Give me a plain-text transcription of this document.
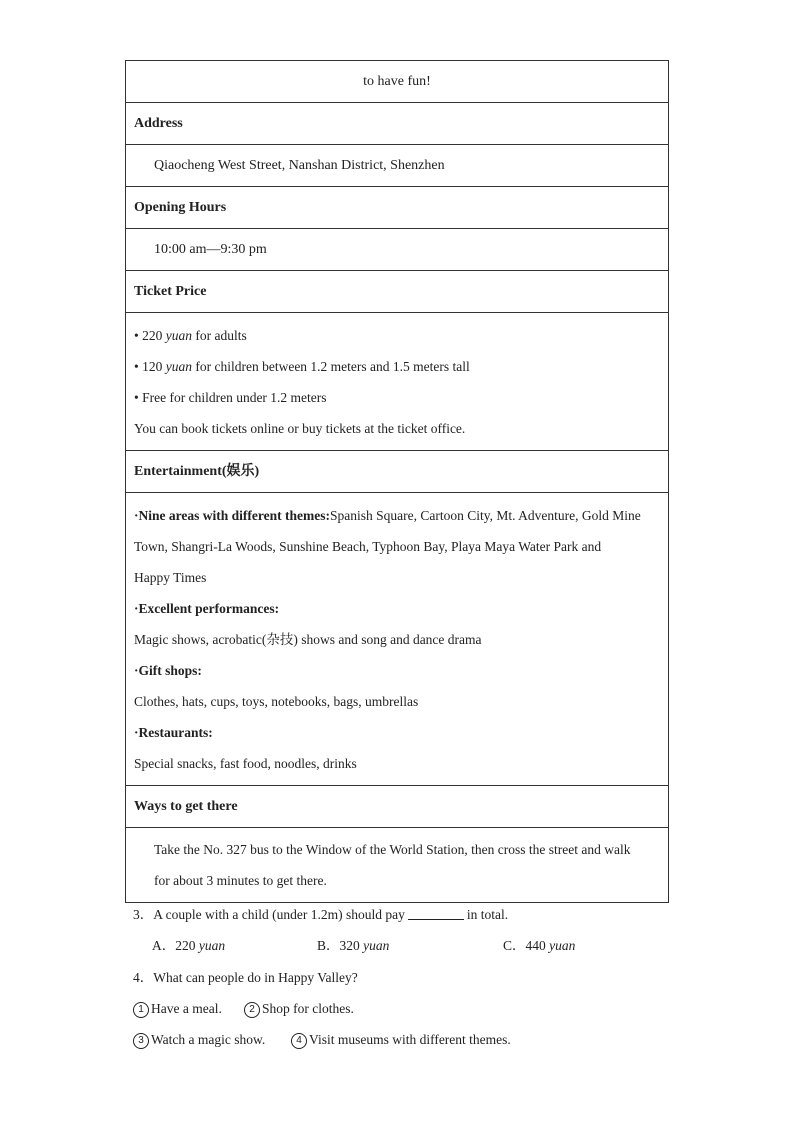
to have fun!
Address
Qiaocheng West Street, Nanshan District, Shenzhen
Opening Hours
10:00 am—9:30 pm
Ticket Price
• 220 yuan for adults
• 120 yuan for children between 1.2 meters and 1.5 meters tall
• Free for children under 1.2 meters
You can book tickets online or buy tickets at the ticket office.
Entertainment(娱乐)
·Nine areas with different themes:Spanish Square, Cartoon City, Mt. Adventure, Gold Mine
Town, Shangri-La Woods, Sunshine Beach, Typhoon Bay, Playa Maya Water Park and
Happy Times
·Excellent performances:
Magic shows, acrobatic(杂技) shows and song and dance drama
·Gift shops:
Clothes, hats, cups, toys, notebooks, bags, umbrellas
·Restaurants:
Special snacks, fast food, noodles, drinks
Ways to get there
Take the No. 327 bus to the Window of the World Station, then cross the street and walk
for about 3 minutes to get there.
3．A couple with a child (under 1.2m) should pay	in total.
A．220 yuan	B．320 yuan	C．440 yuan
4．What can people do in Happy Valley?
1 Have a meal.	2 Shop for clothes.
3 Watch a magic show.	4 Visit museums with different themes.
